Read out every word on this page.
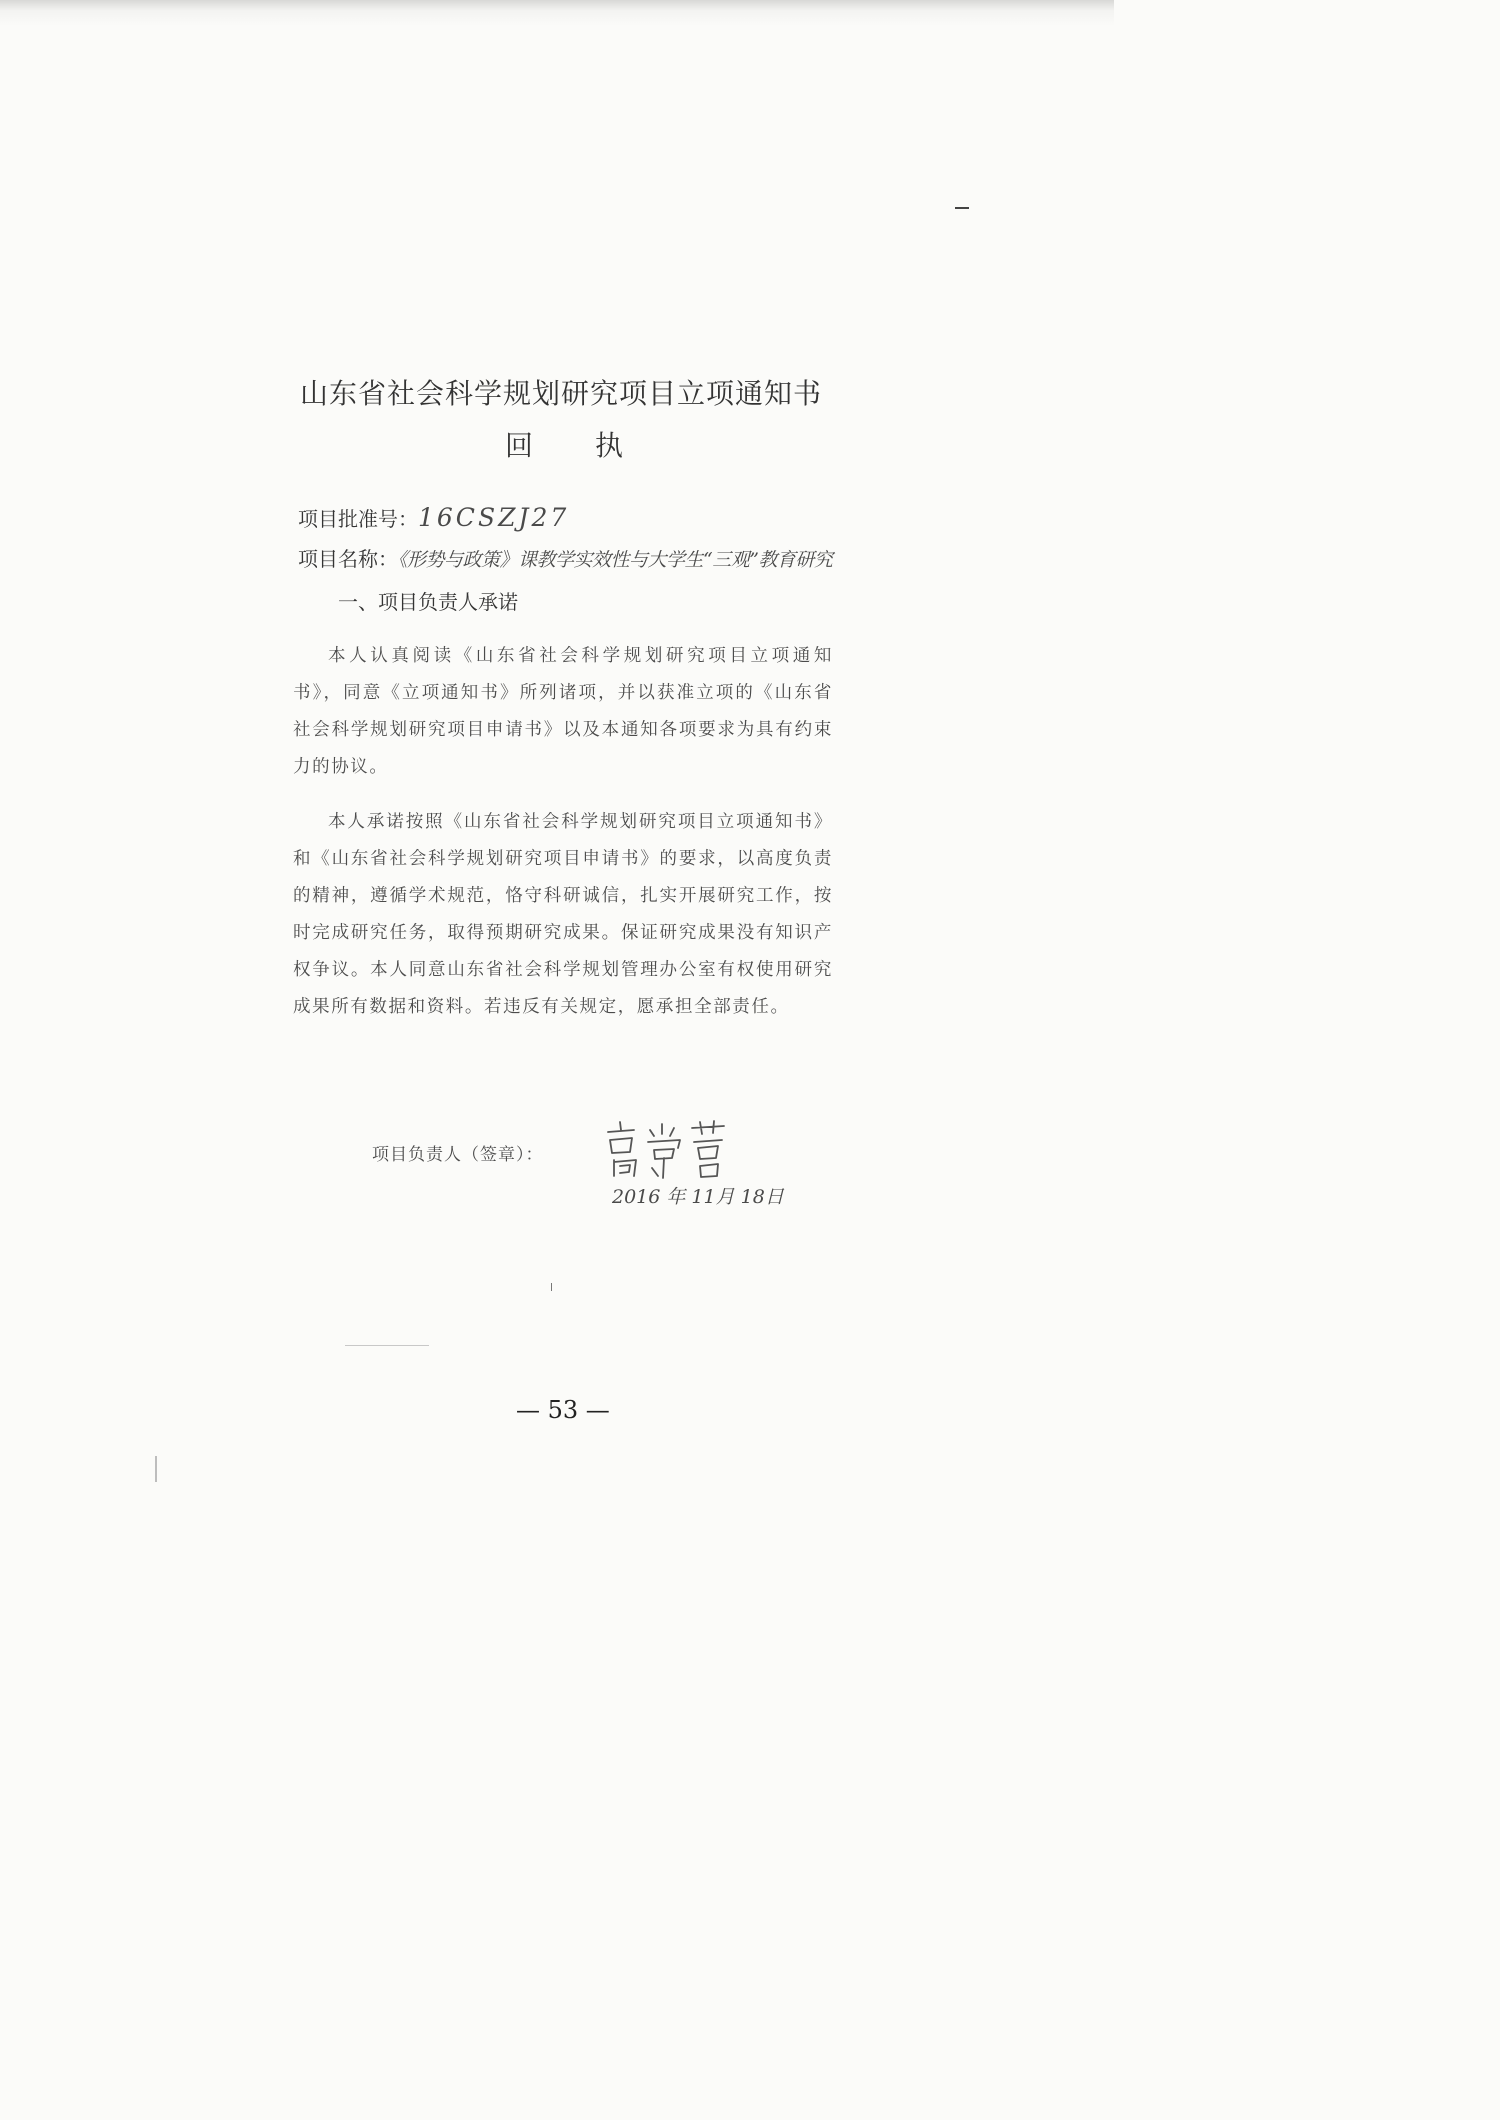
山东省社会科学规划研究项目立项通知书
回执
项目批准号：16CSZJ27
项目名称：《形势与政策》课教学实效性与大学生“三观”教育研究
一、项目负责人承诺

本人认真阅读《山东省社会科学规划研究项目立项通知书》，同意《立项通知书》所列诸项，并以获准立项的《山东省社会科学规划研究项目申请书》以及本通知各项要求为具有约束力的协议。

本人承诺按照《山东省社会科学规划研究项目立项通知书》和《山东省社会科学规划研究项目申请书》的要求，以高度负责的精神，遵循学术规范，恪守科研诚信，扎实开展研究工作，按时完成研究任务，取得预期研究成果。保证研究成果没有知识产权争议。本人同意山东省社会科学规划管理办公室有权使用研究成果所有数据和资料。若违反有关规定，愿承担全部责任。

项目负责人（签章）：
2016 年 11月 18日
— 53 —
